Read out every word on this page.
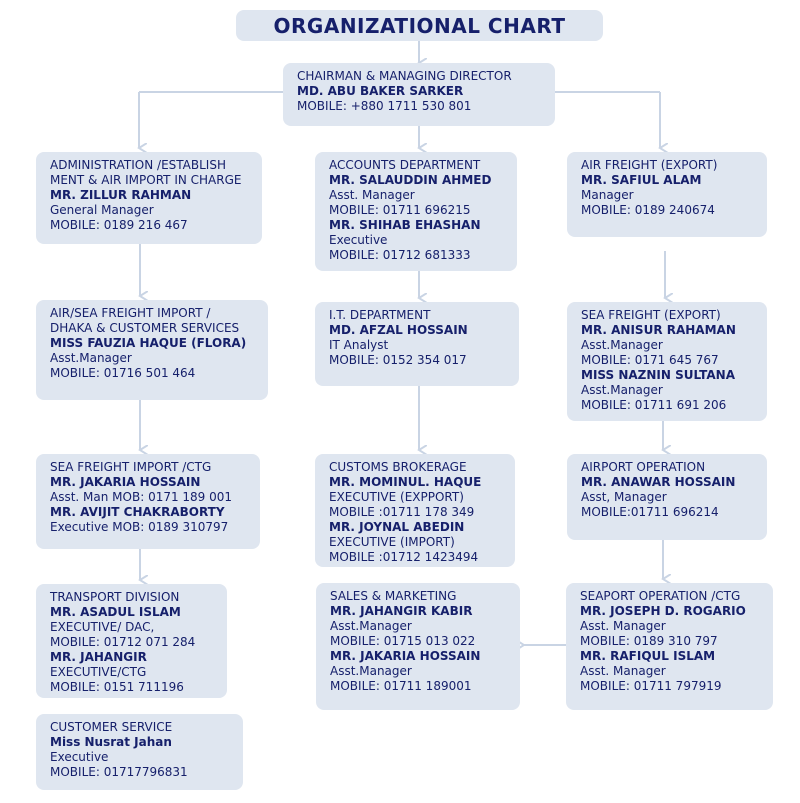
ORGANIZATIONAL CHART
CHAIRMAN & MANAGING DIRECTOR
MD. ABU BAKER SARKER
MOBILE: +880 1711 530 801
ADMINISTRATION /ESTABLISH
MENT & AIR IMPORT IN CHARGE
MR. ZILLUR RAHMAN
General Manager
MOBILE: 0189 216 467
ACCOUNTS DEPARTMENT
MR. SALAUDDIN AHMED
Asst. Manager
MOBILE: 01711 696215
MR. SHIHAB EHASHAN
Executive
MOBILE: 01712 681333
AIR FREIGHT (EXPORT)
MR. SAFIUL ALAM
Manager
MOBILE: 0189 240674
AIR/SEA FREIGHT IMPORT /
DHAKA & CUSTOMER SERVICES
MISS FAUZIA HAQUE (FLORA)
Asst.Manager
MOBILE: 01716 501 464
I.T. DEPARTMENT
MD. AFZAL HOSSAIN
IT Analyst
MOBILE: 0152 354 017
SEA FREIGHT (EXPORT)
MR. ANISUR RAHAMAN
Asst.Manager
MOBILE: 0171 645 767
MISS NAZNIN SULTANA
Asst.Manager
MOBILE: 01711 691 206
SEA FREIGHT IMPORT /CTG
MR. JAKARIA HOSSAIN
Asst. Man MOB: 0171 189 001
MR. AVIJIT CHAKRABORTY
Executive MOB: 0189 310797
CUSTOMS BROKERAGE
MR. MOMINUL. HAQUE
EXECUTIVE (EXPPORT)
MOBILE :01711 178 349
MR. JOYNAL ABEDIN
EXECUTIVE (IMPORT)
MOBILE :01712 1423494
AIRPORT OPERATION
MR. ANAWAR HOSSAIN
Asst, Manager
MOBILE:01711 696214
TRANSPORT DIVISION
MR. ASADUL ISLAM
EXECUTIVE/ DAC,
MOBILE: 01712 071 284
MR. JAHANGIR
EXECUTIVE/CTG
MOBILE: 0151 711196
SALES & MARKETING
MR. JAHANGIR KABIR
Asst.Manager
MOBILE: 01715 013 022
MR. JAKARIA HOSSAIN
Asst.Manager
MOBILE: 01711 189001
SEAPORT OPERATION /CTG
MR. JOSEPH D. ROGARIO
Asst. Manager
MOBILE: 0189 310 797
MR. RAFIQUL ISLAM
Asst. Manager
MOBILE: 01711 797919
CUSTOMER SERVICE
Miss Nusrat Jahan
Executive
MOBILE: 01717796831
